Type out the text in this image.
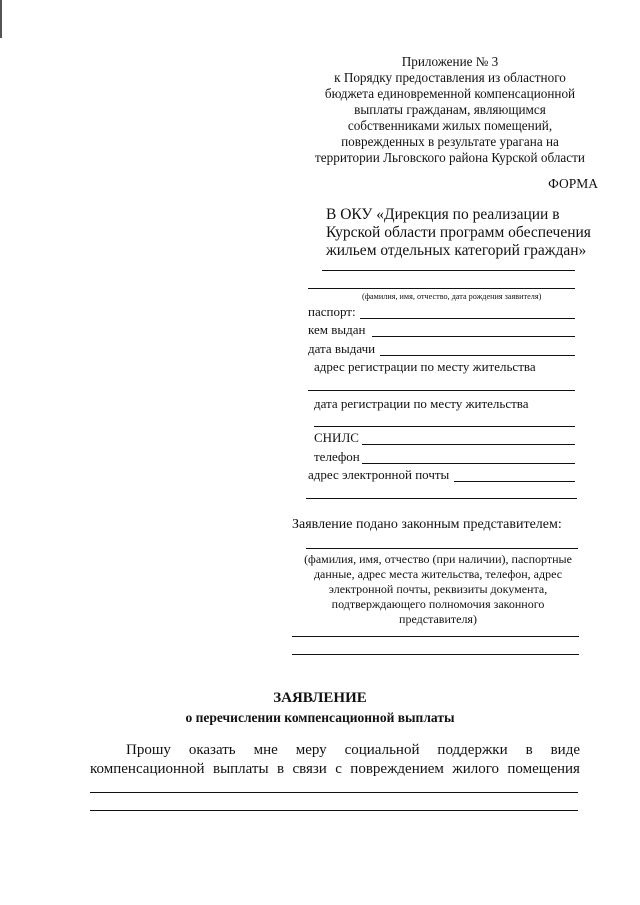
Приложение № 3
к Порядку предоставления из областного
бюджета единовременной компенсационной
выплаты гражданам, являющимся
собственниками жилых помещений,
поврежденных в результате урагана на
территории Льговского района Курской области
ФОРМА
В ОКУ «Дирекция по реализации в
Курской области программ обеспечения
жильем отдельных категорий граждан»
(фамилия, имя, отчество, дата рождения заявителя)
паспорт:
кем выдан
дата выдачи
адрес регистрации по месту жительства
дата регистрации по месту жительства
СНИЛС
телефон
адрес электронной почты
Заявление подано законным представителем:
(фамилия, имя, отчество (при наличии), паспортные
данные, адрес места жительства, телефон, адрес
электронной почты, реквизиты документа,
подтверждающего полномочия законного
представителя)
ЗАЯВЛЕНИЕ
о перечислении компенсационной выплаты
Прошу оказать мне меру социальной поддержки в виде
компенсационной выплаты в связи с повреждением жилого помещения
